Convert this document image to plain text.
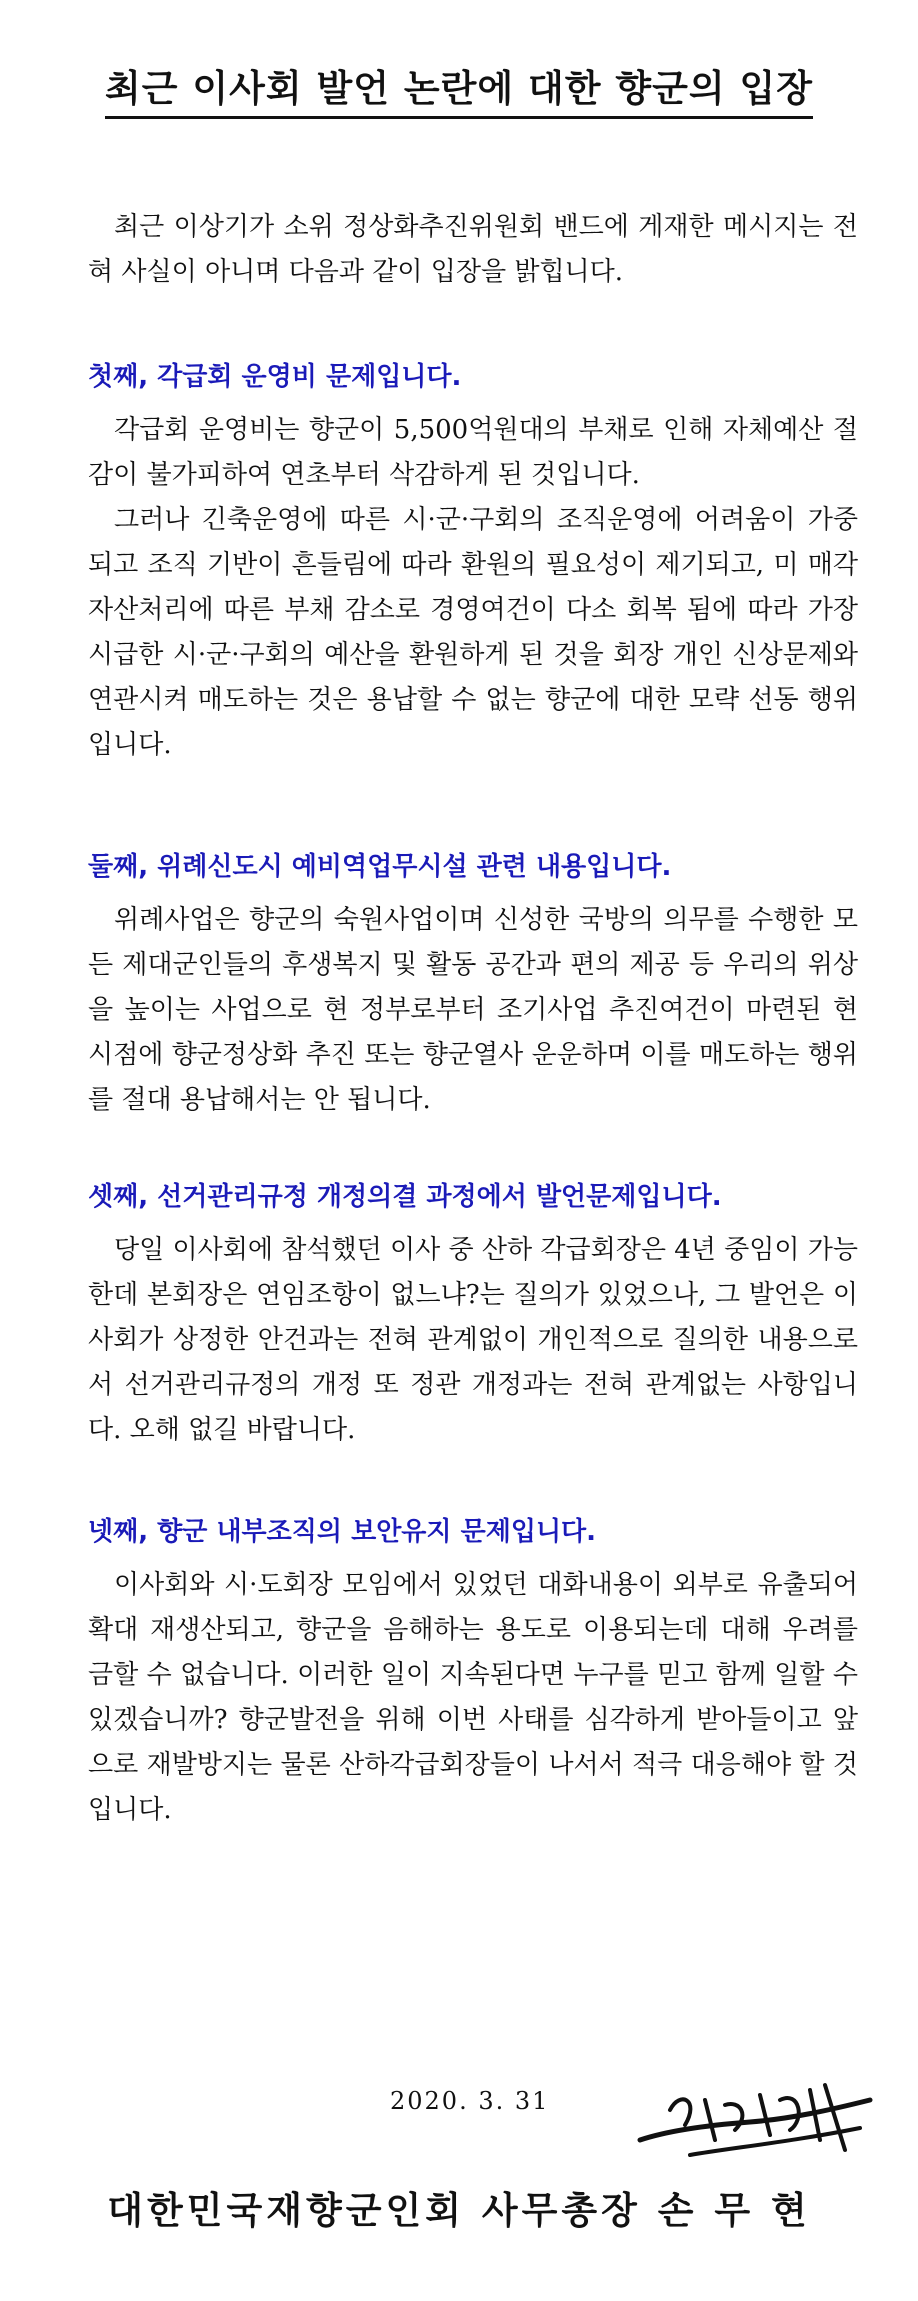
최근 이사회 발언 논란에 대한 향군의 입장

최근 이상기가 소위 정상화추진위원회 밴드에 게재한 메시지는 전혀 사실이 아니며 다음과 같이 입장을 밝힙니다.

첫째, 각급회 운영비 문제입니다.

각급회 운영비는 향군이 5,500억원대의 부채로 인해 자체예산 절감이 불가피하여 연초부터 삭감하게 된 것입니다.

그러나 긴축운영에 따른 시·군·구회의 조직운영에 어려움이 가중되고 조직 기반이 흔들림에 따라 환원의 필요성이 제기되고, 미 매각 자산처리에 따른 부채 감소로 경영여건이 다소 회복 됨에 따라 가장 시급한 시·군·구회의 예산을 환원하게 된 것을 회장 개인 신상문제와 연관시켜 매도하는 것은 용납할 수 없는 향군에 대한 모략 선동 행위입니다.

둘째, 위례신도시 예비역업무시설 관련 내용입니다.

위례사업은 향군의 숙원사업이며 신성한 국방의 의무를 수행한 모든 제대군인들의 후생복지 및 활동 공간과 편의 제공 등 우리의 위상을 높이는 사업으로 현 정부로부터 조기사업 추진여건이 마련된 현 시점에 향군정상화 추진 또는 향군열사 운운하며 이를 매도하는 행위를 절대 용납해서는 안 됩니다.

셋째, 선거관리규정 개정의결 과정에서 발언문제입니다.

당일 이사회에 참석했던 이사 중 산하 각급회장은 4년 중임이 가능한데 본회장은 연임조항이 없느냐?는 질의가 있었으나, 그 발언은 이사회가 상정한 안건과는 전혀 관계없이 개인적으로 질의한 내용으로서 선거관리규정의 개정 또 정관 개정과는 전혀 관계없는 사항입니다. 오해 없길 바랍니다.

넷째, 향군 내부조직의 보안유지 문제입니다.

이사회와 시·도회장 모임에서 있었던 대화내용이 외부로 유출되어 확대 재생산되고, 향군을 음해하는 용도로 이용되는데 대해 우려를 금할 수 없습니다. 이러한 일이 지속된다면 누구를 믿고 함께 일할 수 있겠습니까? 향군발전을 위해 이번 사태를 심각하게 받아들이고 앞으로 재발방지는 물론 산하각급회장들이 나서서 적극 대응해야 할 것입니다.

2020. 3. 31
대한민국재향군인회 사무총장 손 무 현
